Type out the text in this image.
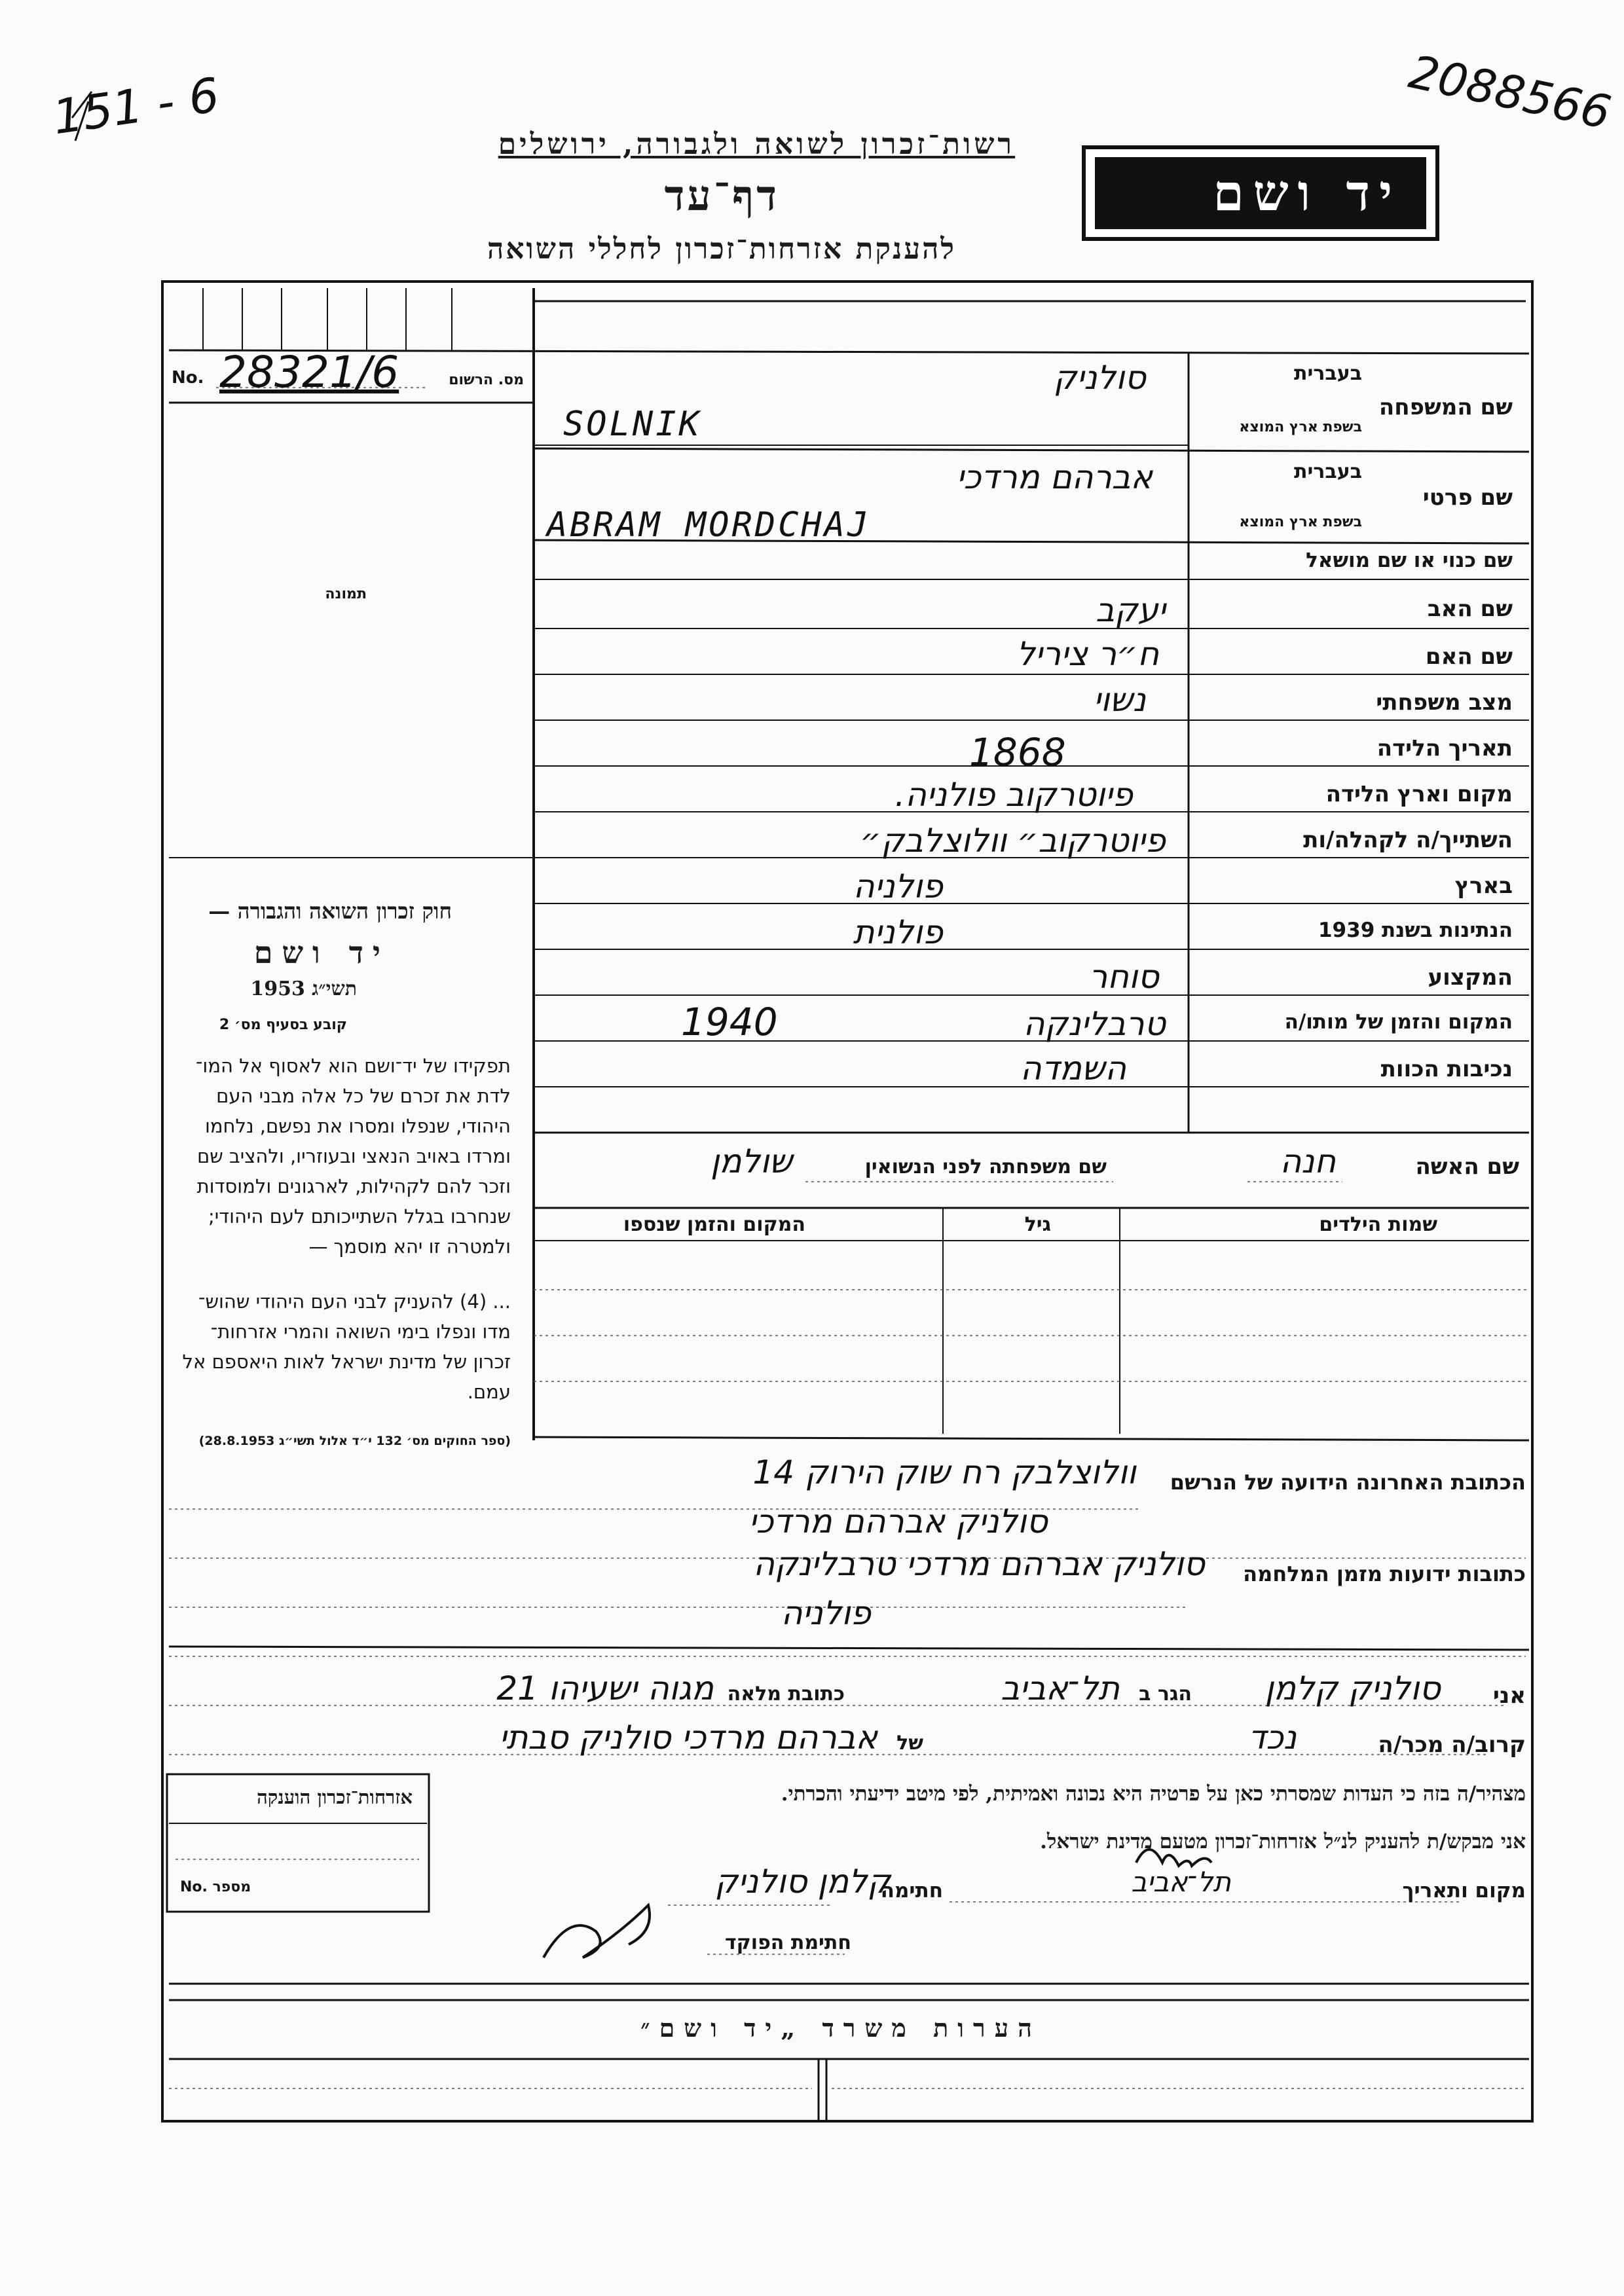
151 - 6	2088566
רשות־זכרון לשואה ולגבורה, ירושלים
דף־עד
להענקת אזרחות־זכרון לחללי השואה
יד ושם
No. 28321/6	מס. הרשום
תמונה
שם המשפחה
בעברית
בשפת ארץ המוצא
שם פרטי
בעברית
בשפת ארץ המוצא
שם כנוי או שם מושאל
שם האב
שם האם
מצב משפחתי
תאריך הלידה
מקום וארץ הלידה
השתייך/ה לקהלה/ות
בארץ
הנתינות בשנת 1939
המקצוע
המקום והזמן של מותו/ה
נכיבות הכוות
סולניק
SOLNIK
אברהם מרדכי
ABRAM MORDCHAJ
יעקב
ח״ר ציריל
נשוי
1868
פיוטרקוב פולניה.
פיוטרקוב״ וולוצלבק״
פולניה
פולנית
סוחר
טרבלינקה
1940
השמדה
שם האשה
חנה
שם משפחתה לפני הנשואין
שולמן
שמות הילדים
גיל
המקום והזמן שנספו
חוק זכרון השואה והגבורה —
יד ושם
תשי״ג 1953
קובע בסעיף מס׳ 2
תפקידו של יד־ושם הוא לאסוף אל המו־ לדת את זכרם של כל אלה מבני העם היהודי, שנפלו ומסרו את נפשם, נלחמו ומרדו באויב הנאצי ובעוזריו, ולהציב שם וזכר להם לקהילות, לארגונים ולמוסדות שנחרבו בגלל השתייכותם לעם היהודי; ולמטרה זו יהא מוסמך —
... (4) להעניק לבני העם היהודי שהוש־ מדו ונפלו בימי השואה והמרי אזרחות־ זכרון של מדינת ישראל לאות היאספם אל עמם.
(ספר החוקים מס׳ 132 י״ד אלול תשי״ג 28.8.1953)
הכתובת האחרונה הידועה של הנרשם
וולוצלבק רח שוק הירוק 14
סולניק אברהם מרדכי
כתובות ידועות מזמן המלחמה
סולניק אברהם מרדכי טרבלינקה
פולניה
אני
סולניק קלמן
הגר ב
תל־אביב
כתובת מלאה
מגוה ישעיהו 21
קרוב/ה מכר/ה
נכד
של
אברהם מרדכי סולניק סבתי
מצהיר/ה בזה כי העדות שמסרתי כאן על פרטיה היא נכונה ואמיתית, לפי מיטב ידיעתי והכרתי.
אני מבקש/ת להעניק לנ״ל אזרחות־זכרון מטעם מדינת ישראל.
מקום ותאריך
תל־אביב
חתימה
קלמן סולניק
חתימת הפוקד
אזרחות־זכרון הוענקה
No. מספר
הערות משרד „יד ושם״
